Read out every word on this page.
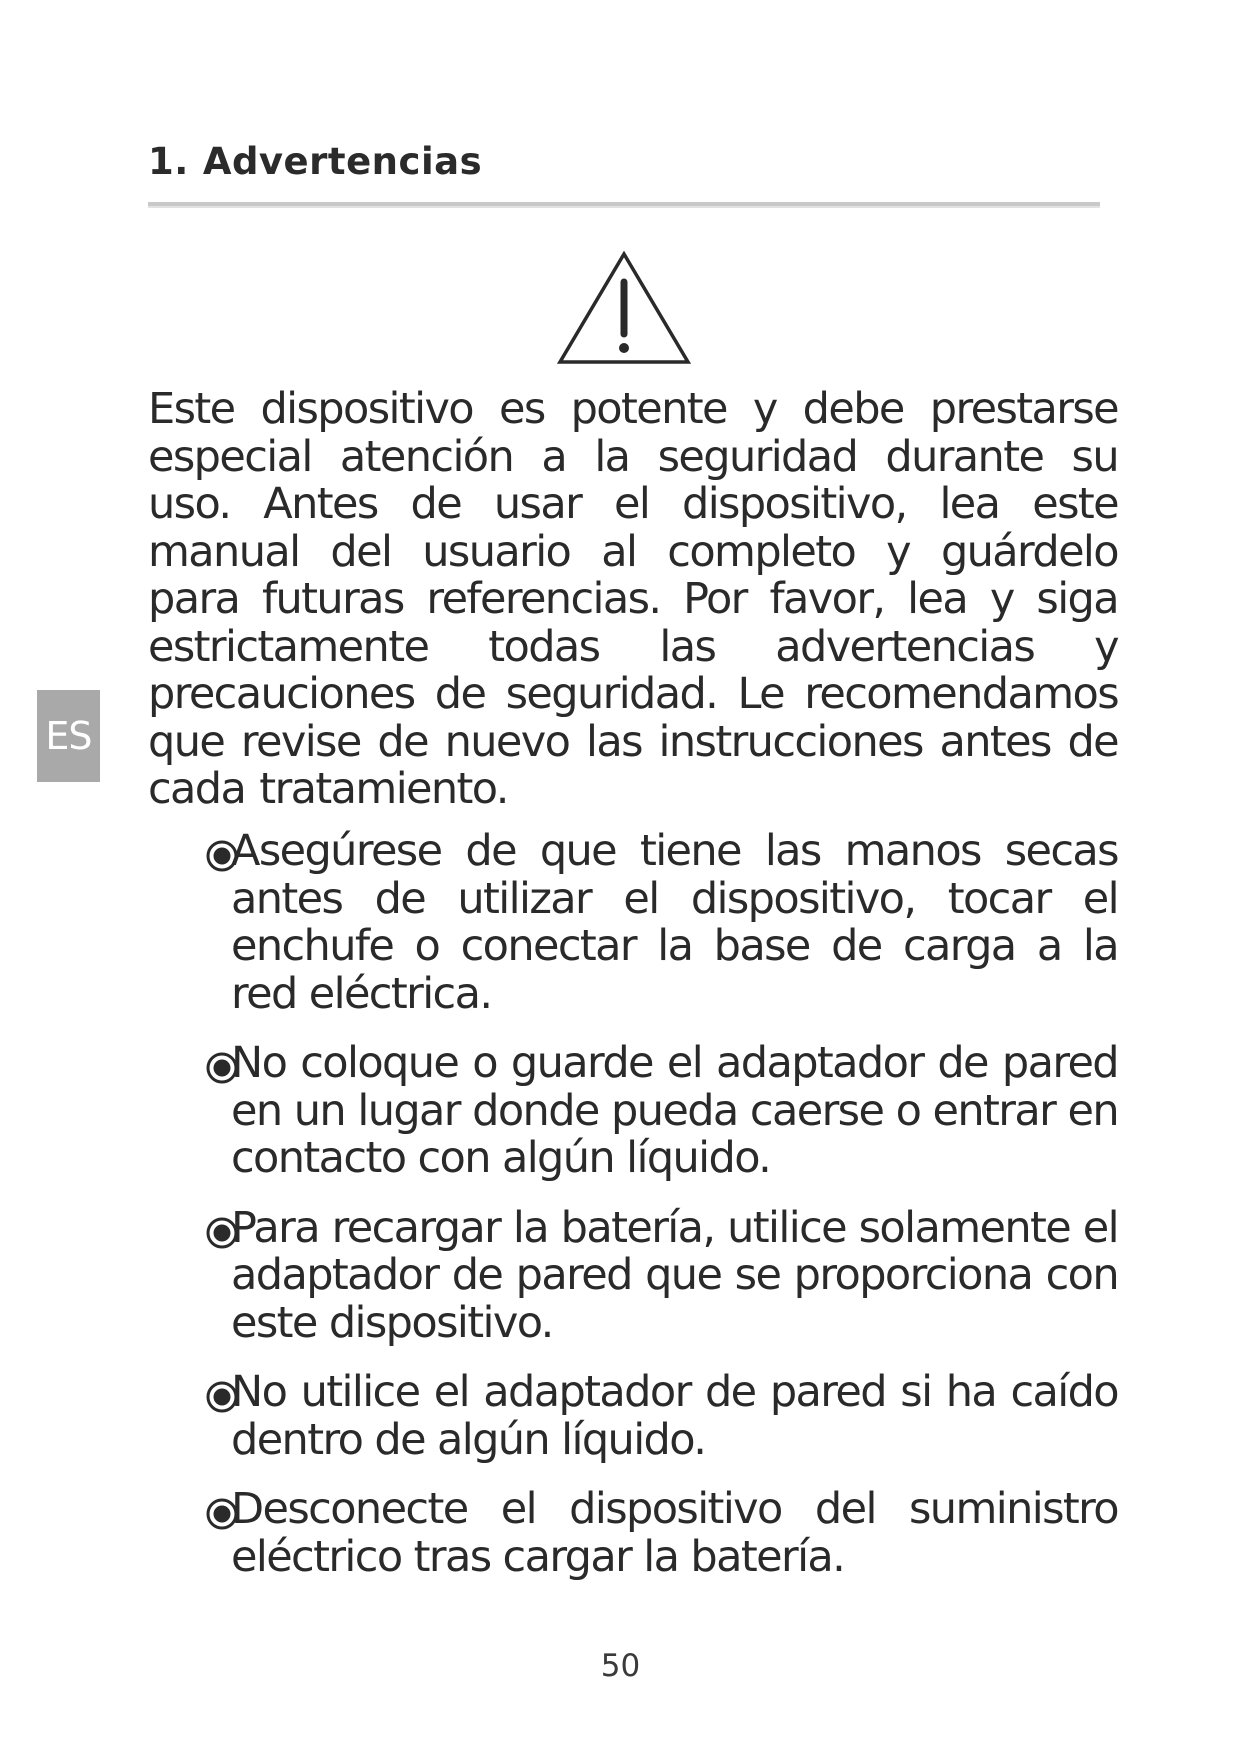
1. Advertencias
ES

Este dispositivo es potente y debe prestarse especial atención a la seguridad durante su uso. Antes de usar el dispositivo, lea este manual del usuario al completo y guárdelo para futuras referencias. Por favor, lea y siga estrictamente todas las advertencias y precauciones de seguridad. Le recomendamos que revise de nuevo las instrucciones antes de cada tratamiento.

Asegúrese de que tiene las manos secas antes de utilizar el dispositivo, tocar el enchufe o conectar la base de carga a la red eléctrica.
No coloque o guarde el adaptador de pared en un lugar donde pueda caerse o entrar en contacto con algún líquido.
Para recargar la batería, utilice solamente el adaptador de pared que se proporciona con este dispositivo.
No utilice el adaptador de pared si ha caído dentro de algún líquido.
Desconecte el dispositivo del suministro eléctrico tras cargar la batería.
50
